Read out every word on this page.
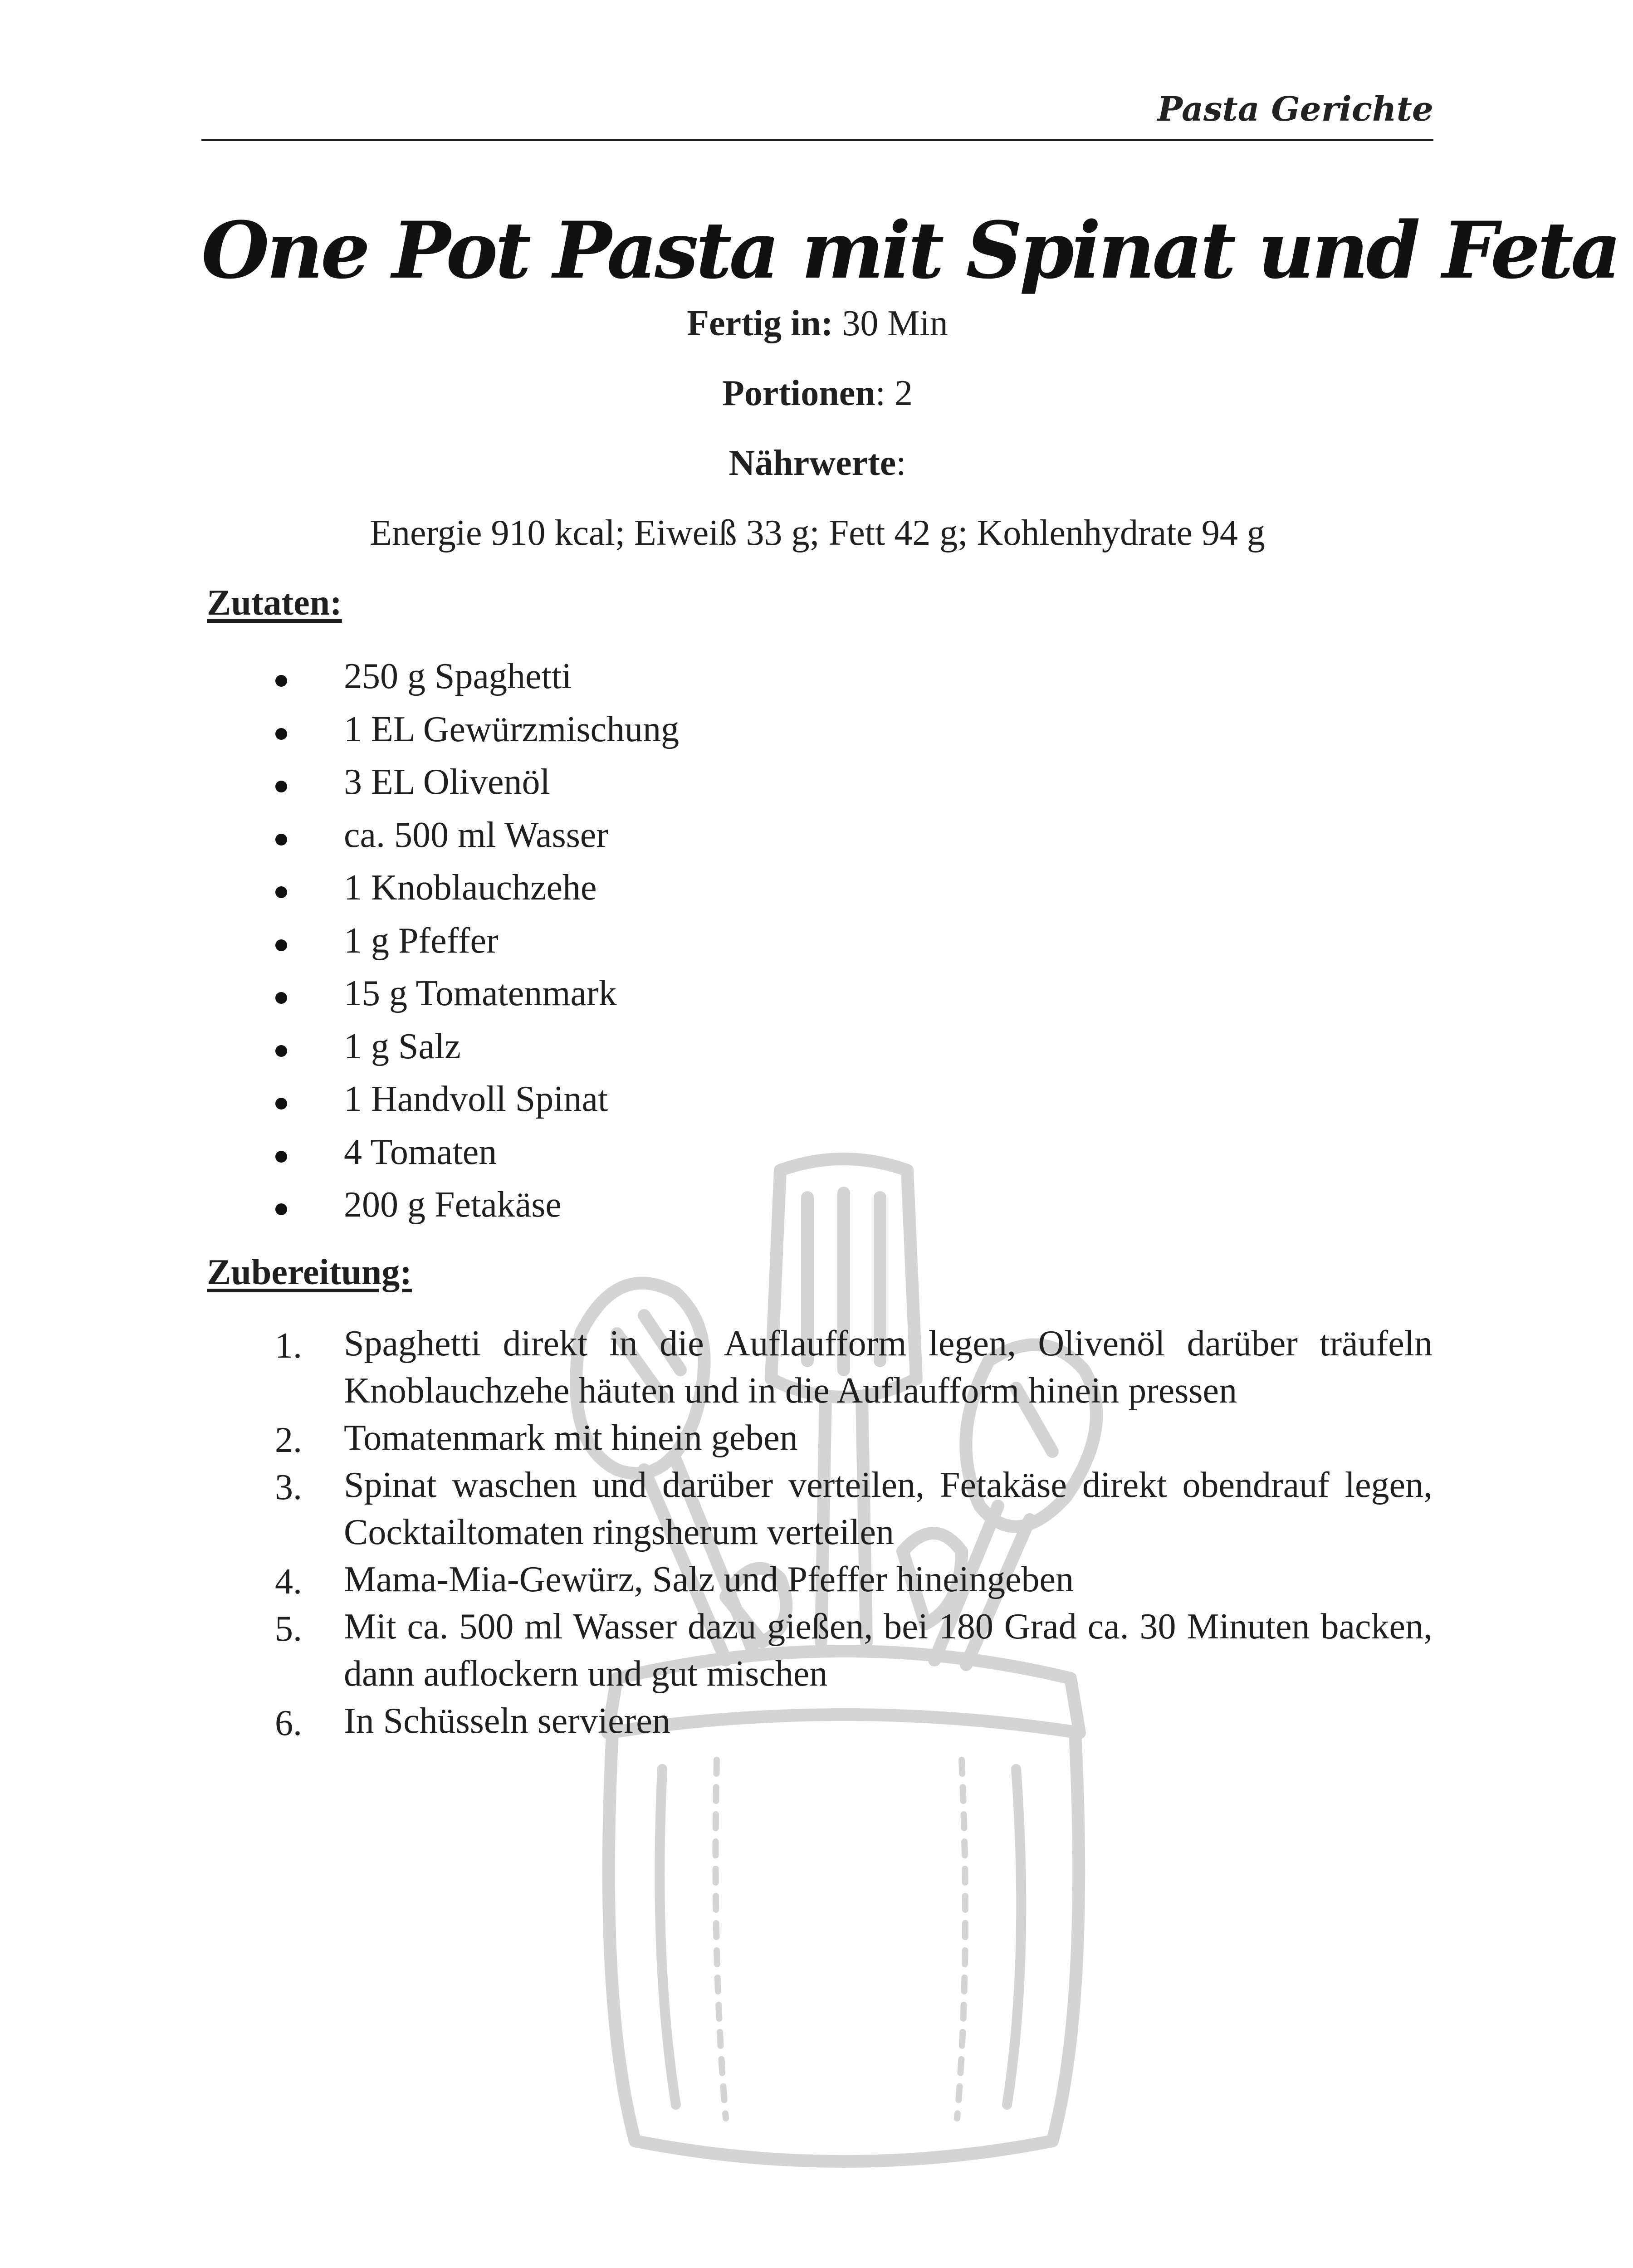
Pasta Gerichte
One Pot Pasta mit Spinat und Feta
Fertig in: 30 Min
Portionen: 2
Nährwerte:
Energie 910 kcal; Eiweiß 33 g; Fett 42 g; Kohlenhydrate 94 g
Zutaten:
250 g Spaghetti
1 EL Gewürzmischung
3 EL Olivenöl
ca. 500 ml Wasser
1 Knoblauchzehe
1 g Pfeffer
15 g Tomatenmark
1 g Salz
1 Handvoll Spinat
4 Tomaten
200 g Fetakäse
Zubereitung:
1. Spaghetti direkt in die Auflaufform legen, Olivenöl darüber träufeln Knoblauchzehe häuten und in die Auflaufform hinein pressen
2. Tomatenmark mit hinein geben
3. Spinat waschen und darüber verteilen, Fetakäse direkt obendrauf legen, Cocktailtomaten ringsherum verteilen
4. Mama-Mia-Gewürz, Salz und Pfeffer hineingeben
5. Mit ca. 500 ml Wasser dazu gießen, bei 180 Grad ca. 30 Minuten backen, dann auflockern und gut mischen
6. In Schüsseln servieren
